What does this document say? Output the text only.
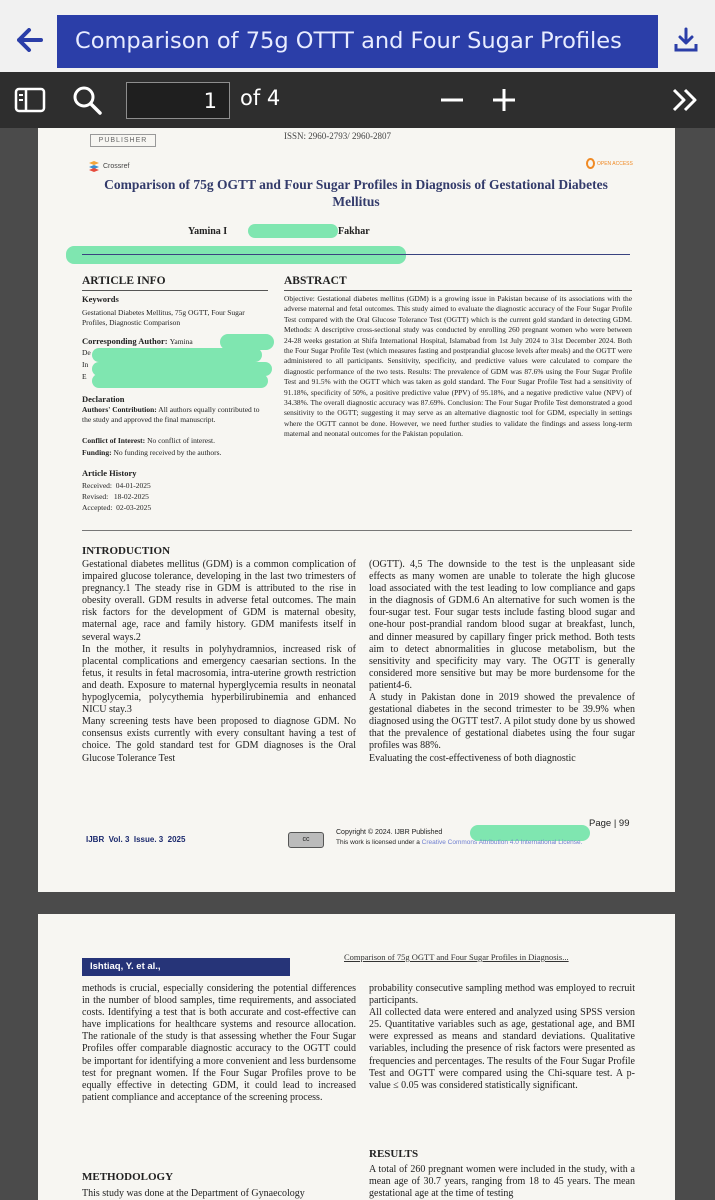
Comparison of 75g OTTT and Four Sugar Profiles
1
of 4
PUBLISHER	ISSN: 2960-2793/ 2960-2807
Crossref	OPEN ACCESS
Comparison of 75g OGTT and Four Sugar Profiles in Diagnosis of Gestational Diabetes Mellitus
Yamina I	Fakhar
ARTICLE INFO
Keywords
Gestational Diabetes Mellitus, 75g OGTT, Four Sugar Profiles, Diagnostic Comparison
Corresponding Author: Yamina
De
In
E
Declaration
Authors' Contribution: All authors equally contributed to the study and approved the final manuscript.
Conflict of Interest: No conflict of interest.
Funding: No funding received by the authors.
Article History
Received:  04-01-2025
Revised:   18-02-2025
Accepted:  02-03-2025
ABSTRACT
Objective: Gestational diabetes mellitus (GDM) is a growing issue in Pakistan because of its associations with the adverse maternal and fetal outcomes. This study aimed to evaluate the diagnostic accuracy of the Four Sugar Profile Test compared with the Oral Glucose Tolerance Test (OGTT) which is the current gold standard in detecting GDM. Methods: A descriptive cross-sectional study was conducted by enrolling 260 pregnant women who were between 24-28 weeks gestation at Shifa International Hospital, Islamabad from 1st July 2024 to 31st December 2024. Both the Four Sugar Profile Test (which measures fasting and postprandial glucose levels after meals) and the OGTT were administered to all participants. Sensitivity, specificity, and predictive values were calculated to compare the diagnostic performance of the two tests. Results: The prevalence of GDM was 87.6% using the Four Sugar Profile Test and 91.5% with the OGTT which was taken as gold standard. The Four Sugar Profile Test had a sensitivity of 91.18%, specificity of 50%, a positive predictive value (PPV) of 95.18%, and a negative predictive value (NPV) of 34.38%. The overall diagnostic accuracy was 87.69%. Conclusion: The Four Sugar Profile Test demonstrated a good sensitivity to the OGTT; suggesting it may serve as an alternative diagnostic tool for GDM, especially in settings where the OGTT cannot be done. However, we need further studies to validate the findings and assess long-term maternal and neonatal outcomes for the Pakistan population.
INTRODUCTION
Gestational diabetes mellitus (GDM) is a common complication of impaired glucose tolerance, developing in the last two trimesters of pregnancy.1 The steady rise in GDM is attributed to the rise in obesity overall. GDM results in adverse fetal outcomes. The main risk factors for the development of GDM is maternal obesity, maternal age, race and family history. GDM manifests itself in several ways.2
In the mother, it results in polyhydramnios, increased risk of placental complications and emergency caesarian sections. In the fetus, it results in fetal macrosomia, intra-uterine growth restriction and death. Exposure to maternal hyperglycemia results in neonatal hypoglycemia, polycythemia hyperbilirubinemia and enhanced NICU stay.3
Many screening tests have been proposed to diagnose GDM. No consensus exists currently with every consultant having a test of choice. The gold standard test for GDM diagnoses is the Oral Glucose Tolerance Test
(OGTT). 4,5 The downside to the test is the unpleasant side effects as many women are unable to tolerate the high glucose load associated with the test leading to low compliance and gaps in the diagnosis of GDM.6 An alternative for such women is the four-sugar test. Four sugar tests include fasting blood sugar and one-hour post-prandial random blood sugar at breakfast, lunch, and dinner measured by capillary finger prick method. Both tests aim to detect abnormalities in glucose metabolism, but the sensitivity and specificity may vary. The OGTT is generally considered more sensitive but may be more burdensome for the patient4-6.
A study in Pakistan done in 2019 showed the prevalence of gestational diabetes in the second trimester to be 39.9% when diagnosed using the OGTT test7. A pilot study done by us showed that the prevalence of gestational diabetes using the four sugar profiles was 88%.
Evaluating the cost-effectiveness of both diagnostic
IJBR  Vol. 3  Issue. 3  2025	cc
Copyright © 2024. IJBR Published
This work is licensed under a Creative Commons Attribution 4.0 International License.
Page | 99
Ishtiaq, Y. et al.,
Comparison of 75g OGTT and Four Sugar Profiles in Diagnosis...
methods is crucial, especially considering the potential differences in the number of blood samples, time requirements, and associated costs. Identifying a test that is both accurate and cost-effective can have implications for healthcare systems and resource allocation. The rationale of the study is that assessing whether the Four Sugar Profiles offer comparable diagnostic accuracy to the OGTT could be important for identifying a more convenient and less burdensome test for pregnant women. If the Four Sugar Profiles prove to be equally effective in detecting GDM, it could lead to increased patient compliance and acceptance of the screening process.
METHODOLOGY
This study was done at the Department of Gynaecology
probability consecutive sampling method was employed to recruit participants.
All collected data were entered and analyzed using SPSS version 25. Quantitative variables such as age, gestational age, and BMI were expressed as means and standard deviations. Qualitative variables, including the presence of risk factors were presented as frequencies and percentages. The results of the Four Sugar Profile Test and OGTT were compared using the Chi-square test. A p-value ≤ 0.05 was considered statistically significant.
RESULTS
A total of 260 pregnant women were included in the study, with a mean age of 30.7 years, ranging from 18 to 45 years. The mean gestational age at the time of testing
